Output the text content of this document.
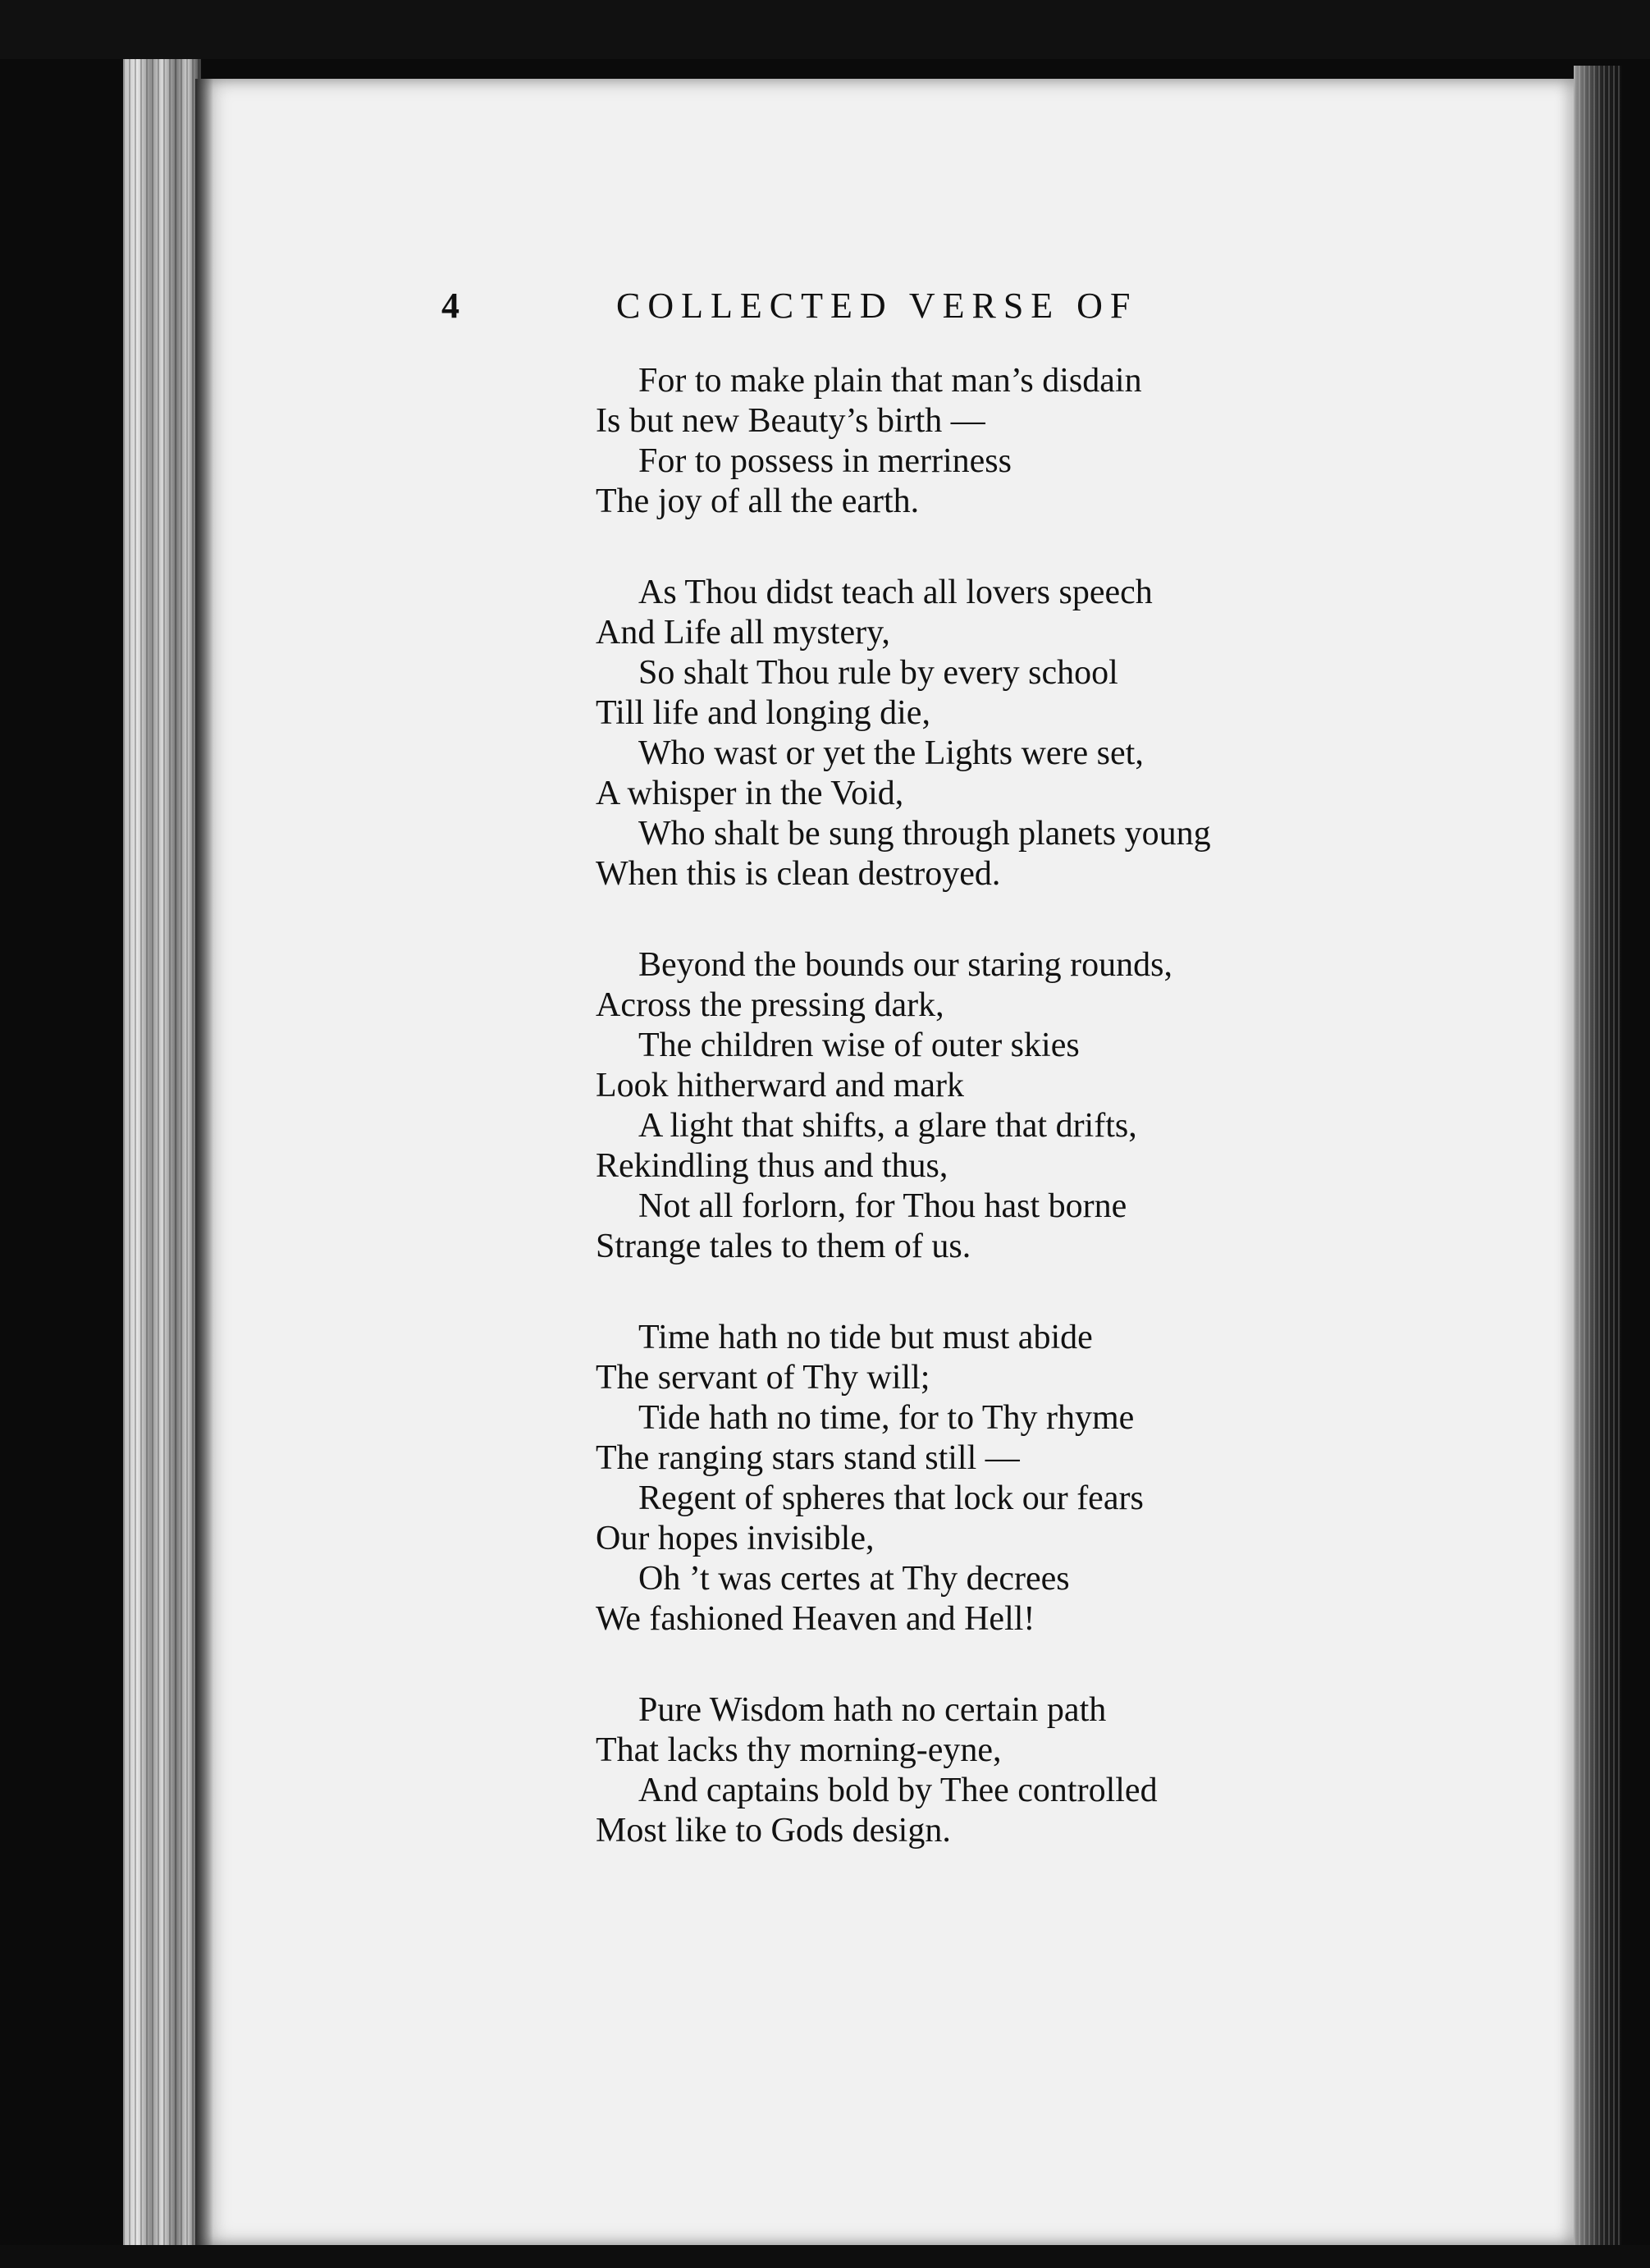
4	COLLECTED VERSE OF
For to make plain that man’s disdain
Is but new Beauty’s birth —
For to possess in merriness
The joy of all the earth.
As Thou didst teach all lovers speech
And Life all mystery,
So shalt Thou rule by every school
Till life and longing die,
Who wast or yet the Lights were set,
A whisper in the Void,
Who shalt be sung through planets young
When this is clean destroyed.
Beyond the bounds our staring rounds,
Across the pressing dark,
The children wise of outer skies
Look hitherward and mark
A light that shifts, a glare that drifts,
Rekindling thus and thus,
Not all forlorn, for Thou hast borne
Strange tales to them of us.
Time hath no tide but must abide
The servant of Thy will;
Tide hath no time, for to Thy rhyme
The ranging stars stand still —
Regent of spheres that lock our fears
Our hopes invisible,
Oh ’t was certes at Thy decrees
We fashioned Heaven and Hell!
Pure Wisdom hath no certain path
That lacks thy morning-eyne,
And captains bold by Thee controlled
Most like to Gods design.
